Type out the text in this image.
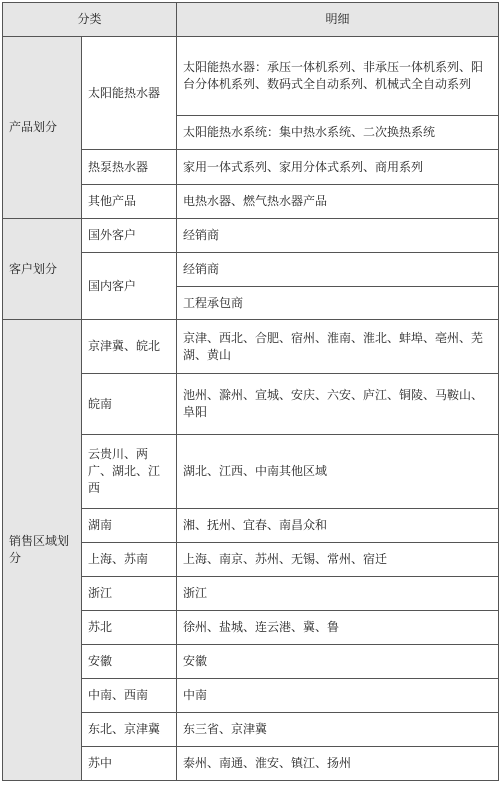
分类		明细
产品划分	太阳能热水器	太阳能热水器：承压一体机系列、非承压一体机系列、阳台分体机系列、数码式全自动系列、机械式全自动系列
		太阳能热水系统：集中热水系统、二次换热系统
	热泵热水器	家用一体式系列、家用分体式系列、商用系列
	其他产品	电热水器、燃气热水器产品
客户划分	国外客户	经销商
	国内客户	经销商
		工程承包商
销售区域划分	京津冀、皖北	京津、西北、合肥、宿州、淮南、淮北、蚌埠、亳州、芜湖、黄山
	皖南	池州、滁州、宣城、安庆、六安、庐江、铜陵、马鞍山、阜阳
	云贵川、两广、湖北、江西	湖北、江西、中南其他区域
	湖南	湘、抚州、宜春、南昌众和
	上海、苏南	上海、南京、苏州、无锡、常州、宿迁
	浙江	浙江
	苏北	徐州、盐城、连云港、冀、鲁
	安徽	安徽
	中南、西南	中南
	东北、京津冀	东三省、京津冀
	苏中	泰州、南通、淮安、镇江、扬州
